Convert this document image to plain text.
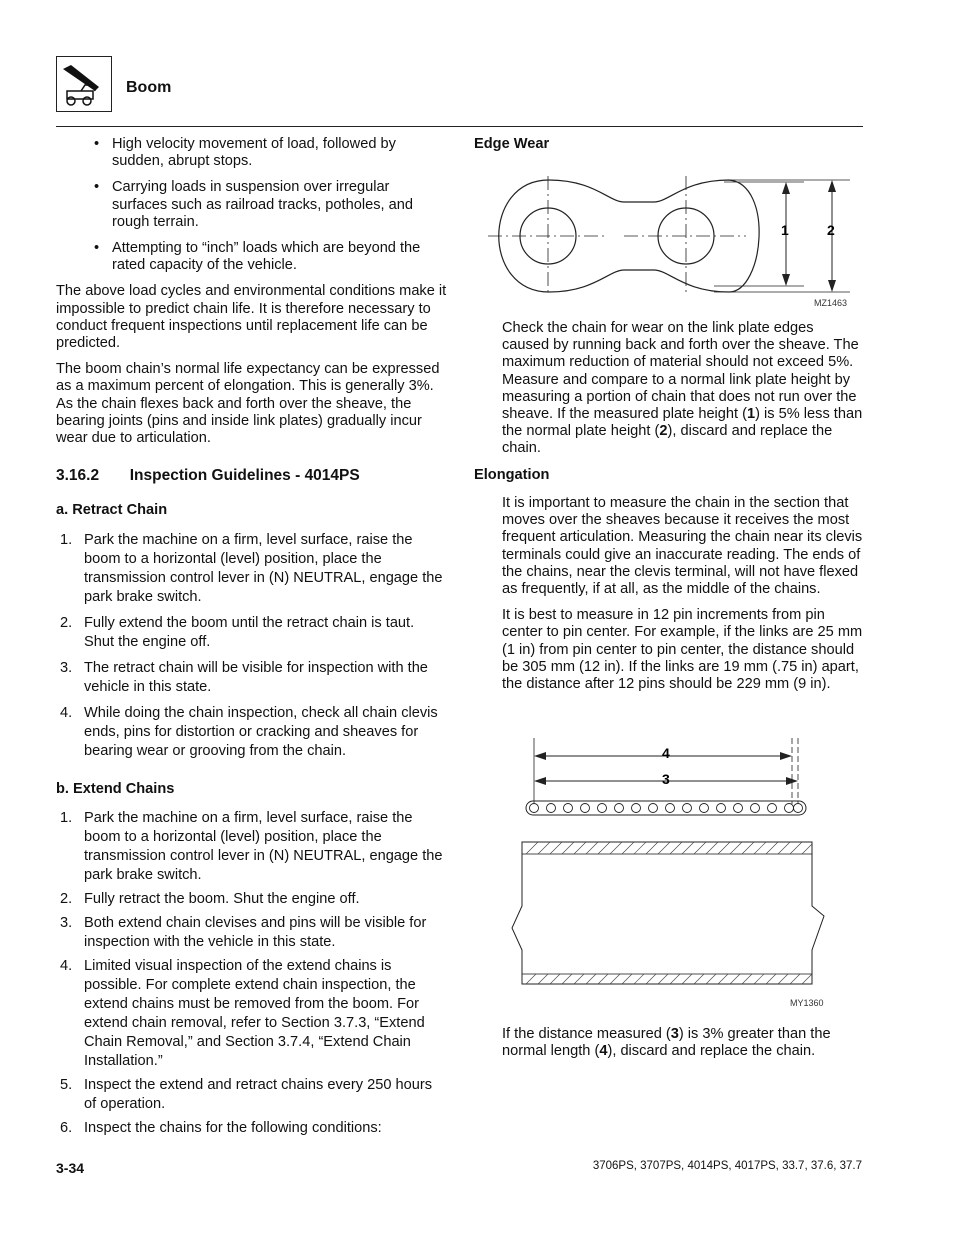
Boom
• High velocity movement of load, followed by sudden, abrupt stops.
• Carrying loads in suspension over irregular surfaces such as railroad tracks, potholes, and rough terrain.
• Attempting to “inch” loads which are beyond the rated capacity of the vehicle.

The above load cycles and environmental conditions make it impossible to predict chain life. It is therefore necessary to conduct frequent inspections until replacement life can be predicted.

The boom chain’s normal life expectancy can be expressed as a maximum percent of elongation. This is generally 3%. As the chain flexes back and forth over the sheave, the bearing joints (pins and inside link plates) gradually incur wear due to articulation.

3.16.2 Inspection Guidelines - 4014PS
a. Retract Chain
1. Park the machine on a firm, level surface, raise the boom to a horizontal (level) position, place the transmission control lever in (N) NEUTRAL, engage the park brake switch.
2. Fully extend the boom until the retract chain is taut. Shut the engine off.
3. The retract chain will be visible for inspection with the vehicle in this state.
4. While doing the chain inspection, check all chain clevis ends, pins for distortion or cracking and sheaves for bearing wear or grooving from the chain.
b. Extend Chains
1. Park the machine on a firm, level surface, raise the boom to a horizontal (level) position, place the transmission control lever in (N) NEUTRAL, engage the park brake switch.
2. Fully retract the boom. Shut the engine off.
3. Both extend chain clevises and pins will be visible for inspection with the vehicle in this state.
4. Limited visual inspection of the extend chains is possible. For complete extend chain inspection, the extend chains must be removed from the boom. For extend chain removal, refer to Section 3.7.3, “Extend Chain Removal,” and Section 3.7.4, “Extend Chain Installation.”
5. Inspect the extend and retract chains every 250 hours of operation.
6. Inspect the chains for the following conditions:
Edge Wear
1	2
MZ1463
Check the chain for wear on the link plate edges caused by running back and forth over the sheave. The maximum reduction of material should not exceed 5%. Measure and compare to a normal link plate height by measuring a portion of chain that does not run over the sheave. If the measured plate height (1) is 5% less than the normal plate height (2), discard and replace the chain.
Elongation

It is important to measure the chain in the section that moves over the sheaves because it receives the most frequent articulation. Measuring the chain near its clevis terminals could give an inaccurate reading. The ends of the chains, near the clevis terminal, will not have flexed as frequently, if at all, as the middle of the chains.

It is best to measure in 12 pin increments from pin center to pin center. For example, if the links are 25 mm (1 in) from pin center to pin center, the distance should be 305 mm (12 in). If the links are 19 mm (.75 in) apart, the distance after 12 pins should be 229 mm (9 in).

4
3
MY1360
If the distance measured (3) is 3% greater than the normal length (4), discard and replace the chain.
3-34	3706PS, 3707PS, 4014PS, 4017PS, 33.7, 37.6, 37.7
